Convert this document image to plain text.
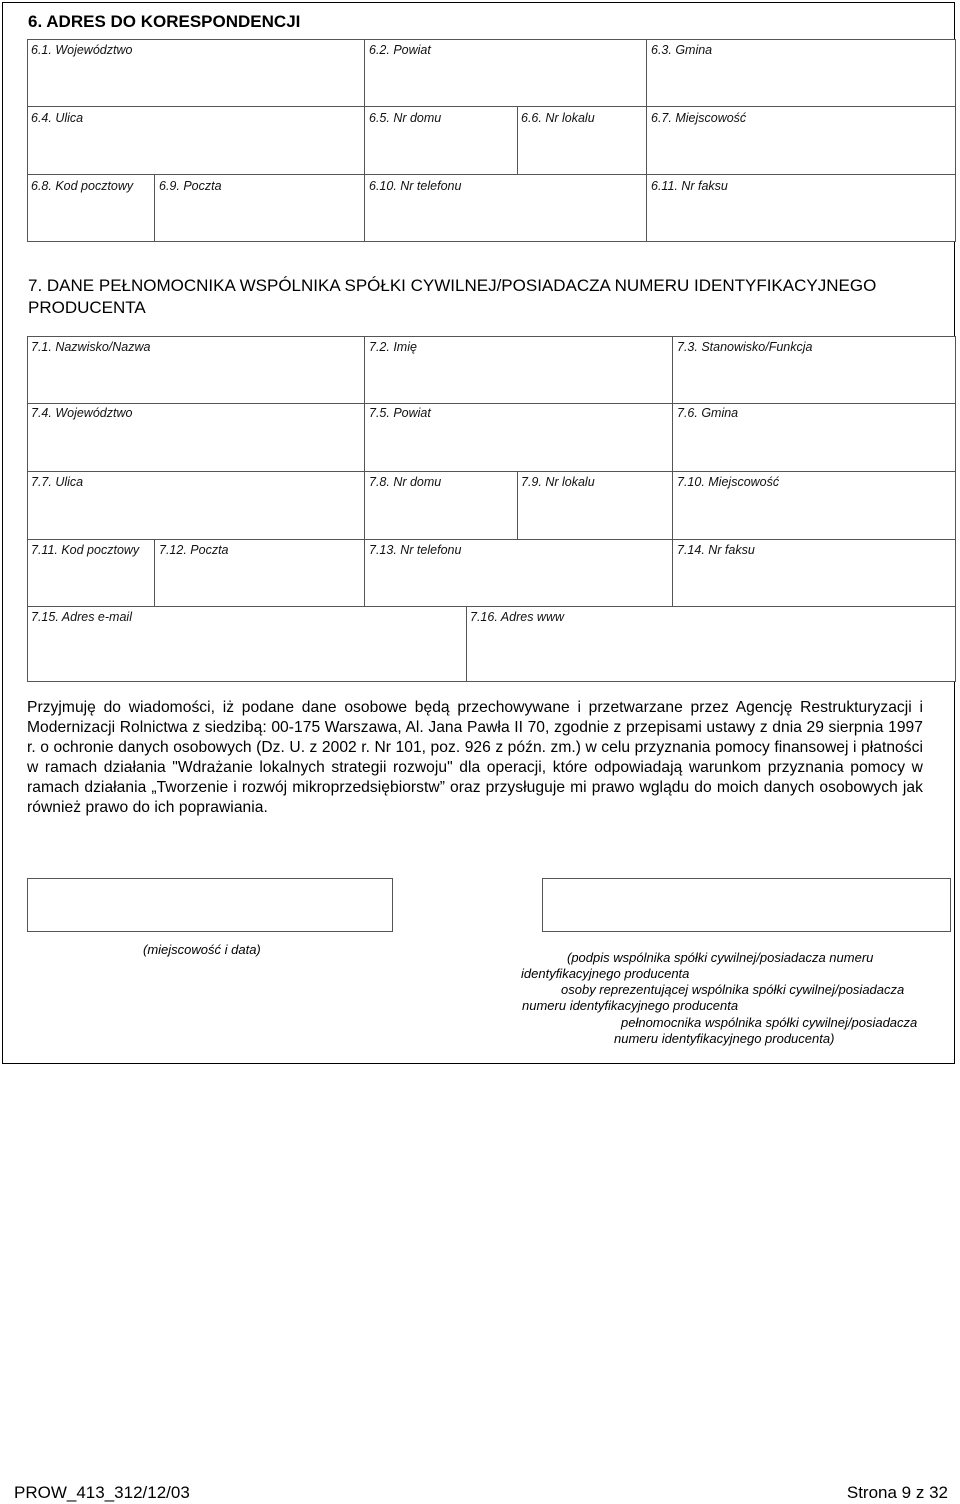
6. ADRES DO KORESPONDENCJI
6.1. Województwo	6.2. Powiat	6.3. Gmina
6.4. Ulica	6.5. Nr domu	6.6. Nr lokalu	6.7. Miejscowość
6.8. Kod pocztowy 6.9. Poczta	6.10. Nr telefonu	6.11. Nr faksu
7. DANE PEŁNOMOCNIKA WSPÓLNIKA SPÓŁKI CYWILNEJ/POSIADACZA NUMERU IDENTYFIKACYJNEGO
PRODUCENTA
7.1. Nazwisko/Nazwa	7.2. Imię	7.3. Stanowisko/Funkcja
7.4. Województwo	7.5. Powiat	7.6. Gmina
7.7. Ulica	7.8. Nr domu	7.9. Nr lokalu	7.10. Miejscowość
7.11. Kod pocztowy 7.12. Poczta	7.13. Nr telefonu	7.14. Nr faksu
7.15. Adres e-mail	7.16. Adres www
Przyjmuję do wiadomości, iż podane dane osobowe będą przechowywane i przetwarzane przez Agencję Restrukturyzacji i Modernizacji Rolnictwa z siedzibą: 00-175 Warszawa, Al. Jana Pawła II 70, zgodnie z przepisami ustawy z dnia 29 sierpnia 1997 r. o ochronie danych osobowych (Dz. U. z 2002 r. Nr 101, poz. 926 z późn. zm.) w celu przyznania pomocy finansowej i płatności w ramach działania "Wdrażanie lokalnych strategii rozwoju" dla operacji, które odpowiadają warunkom przyznania pomocy w ramach działania „Tworzenie i rozwój mikroprzedsiębiorstw” oraz przysługuje mi prawo wglądu do moich danych osobowych jak również prawo do ich poprawiania.
(miejscowość i data)
(podpis wspólnika spółki cywilnej/posiadacza numeru
identyfikacyjnego producenta
osoby reprezentującej wspólnika spółki cywilnej/posiadacza
numeru identyfikacyjnego producenta
pełnomocnika wspólnika spółki cywilnej/posiadacza
numeru identyfikacyjnego producenta)
PROW_413_312/12/03	Strona 9 z 32
